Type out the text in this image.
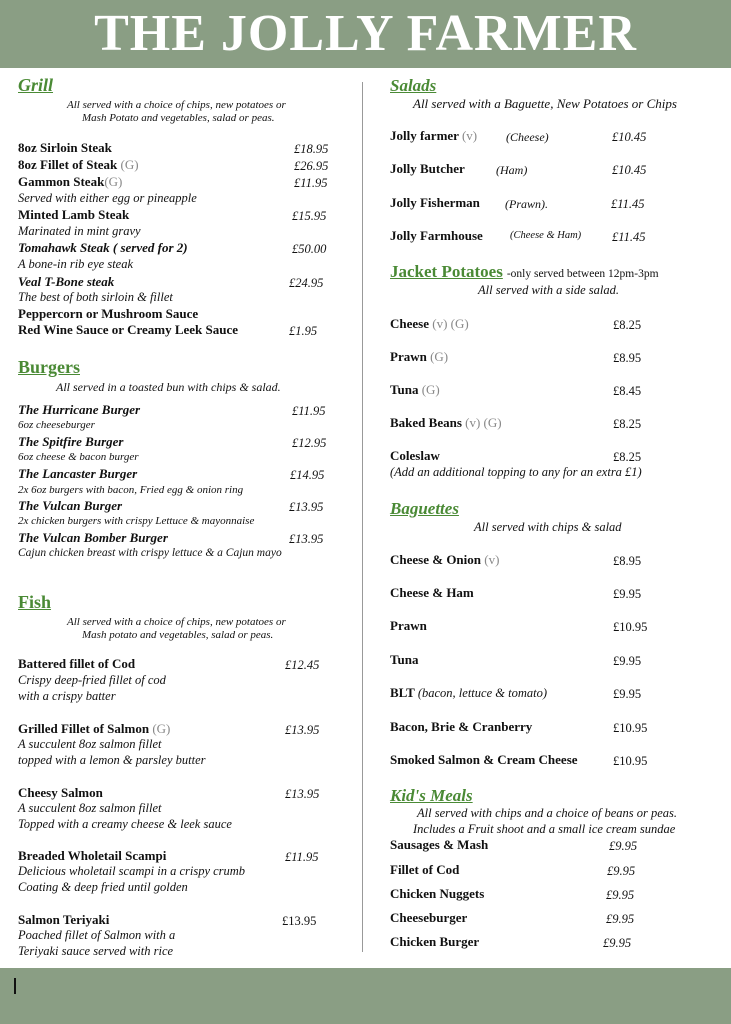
THE JOLLY FARMER
Grill
All served with a choice of chips, new potatoes or
Mash Potato and vegetables, salad or peas.
8oz Sirloin Steak	£18.95
8oz Fillet of Steak (G)	£26.95
Gammon Steak(G)	£11.95
Served with either egg or pineapple
Minted Lamb Steak	£15.95
Marinated in mint gravy
Tomahawk Steak ( served for 2)	£50.00
A bone-in rib eye steak
Veal T-Bone steak	£24.95
The best of both sirloin & fillet
Peppercorn or Mushroom Sauce
Red Wine Sauce or Creamy Leek Sauce	£1.95
Burgers
All served in a toasted bun with chips & salad.
The Hurricane Burger	£11.95
6oz cheeseburger
The Spitfire Burger	£12.95
6oz cheese & bacon burger
The Lancaster Burger	£14.95
2x 6oz burgers with bacon, Fried egg & onion ring
The Vulcan Burger	£13.95
2x chicken burgers with crispy Lettuce & mayonnaise
The Vulcan Bomber Burger	£13.95
Cajun chicken breast with crispy lettuce & a Cajun mayo
Fish
All served with a choice of chips, new potatoes or
Mash potato and vegetables, salad or peas.
Battered fillet of Cod	£12.45
Crispy deep-fried fillet of cod
with a crispy batter
Grilled Fillet of Salmon (G)	£13.95
A succulent 8oz salmon fillet
topped with a lemon & parsley butter
Cheesy Salmon	£13.95
A succulent 8oz salmon fillet
Topped with a creamy cheese & leek sauce
Breaded Wholetail Scampi	£11.95
Delicious wholetail scampi in a crispy crumb
Coating & deep fried until golden
Salmon Teriyaki	£13.95
Poached fillet of Salmon with a
Teriyaki sauce served with rice
Salads
All served with a Baguette, New Potatoes or Chips
Jolly farmer (v) (Cheese)	£10.45
Jolly Butcher	(Ham)	£10.45
Jolly Fisherman (Prawn).	£11.45
Jolly Farmhouse	(Cheese & Ham) £11.45
Jacket Potatoes -only served between 12pm-3pm
All served with a side salad.
Cheese (v) (G)	£8.25
Prawn (G)	£8.95
Tuna (G)	£8.45
Baked Beans (v) (G)	£8.25
Coleslaw	£8.25
(Add an additional topping to any for an extra £1)
Baguettes
All served with chips & salad
Cheese & Onion (v)	£8.95
Cheese & Ham	£9.95
Prawn	£10.95
Tuna	£9.95
BLT (bacon, lettuce & tomato)	£9.95
Bacon, Brie & Cranberry	£10.95
Smoked Salmon & Cream Cheese	£10.95
Kid's Meals
All served with chips and a choice of beans or peas.
Includes a Fruit shoot and a small ice cream sundae
Sausages & Mash	£9.95
Fillet of Cod	£9.95
Chicken Nuggets	£9.95
Cheeseburger	£9.95
Chicken Burger	£9.95
